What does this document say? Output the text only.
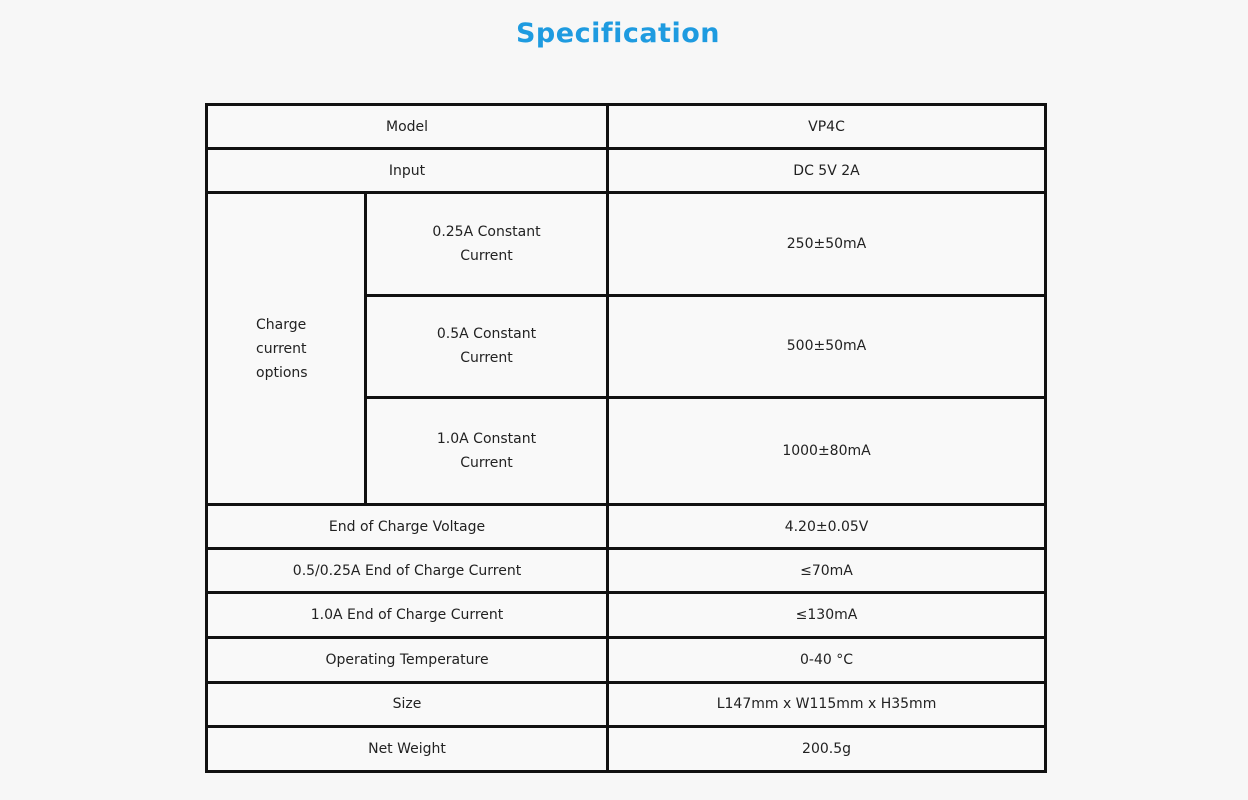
Specification
Model		VP4C
Input		DC 5V 2A

Charge current options	0.25A Constant Current	250±50mA

	0.5A Constant Current	500±50mA

	1.0A Constant Current	1000±80mA
End of Charge Voltage		4.20±0.05V
0.5/0.25A End of Charge Current		≤70mA
1.0A End of Charge Current		≤130mA
Operating Temperature		0-40 °C
Size		L147mm x W115mm x H35mm
Net Weight		200.5g
